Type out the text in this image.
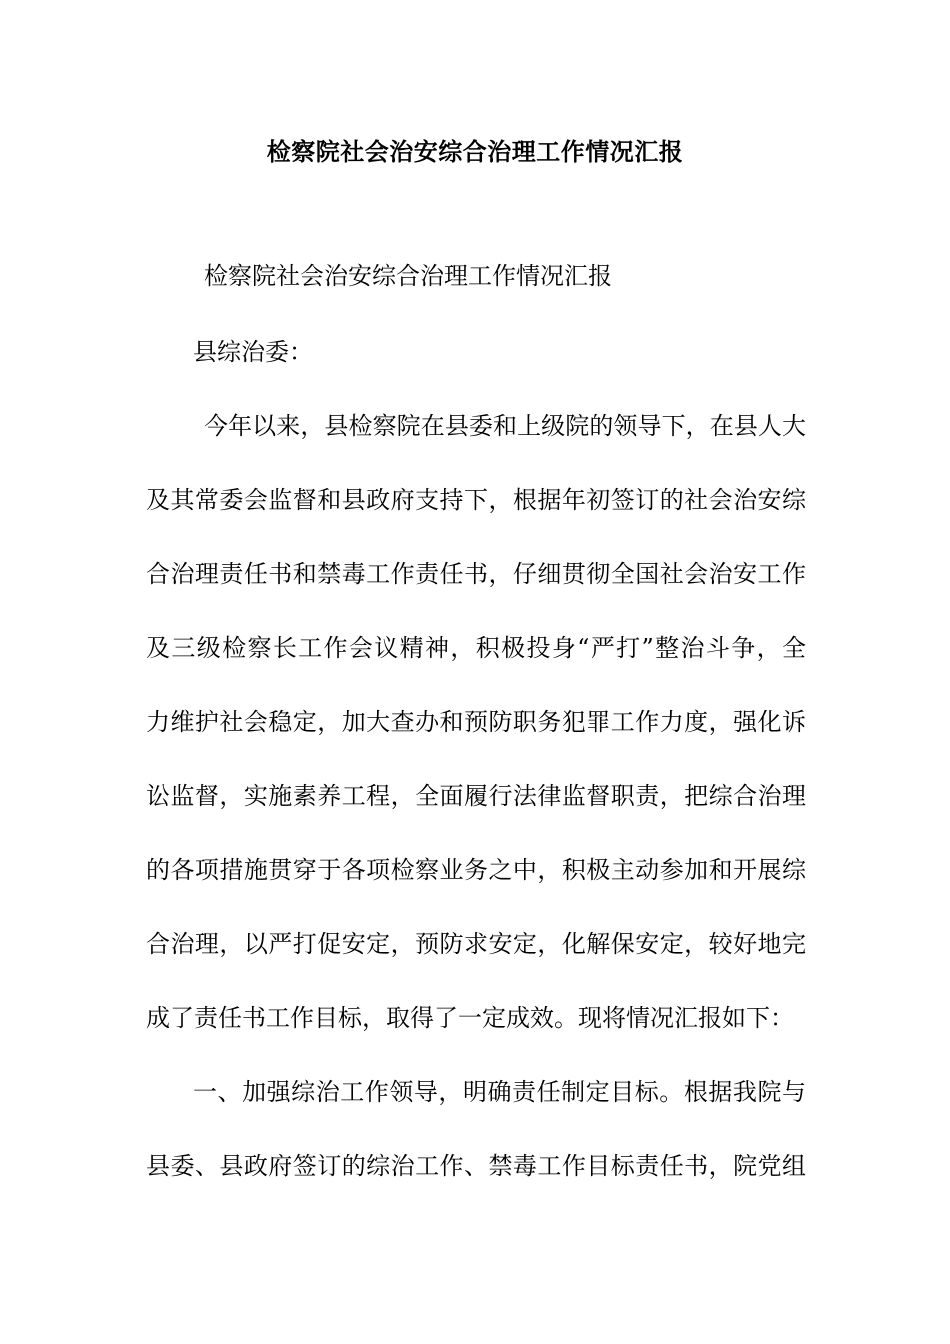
检察院社会治安综合治理工作情况汇报
检察院社会治安综合治理工作情况汇报
县综治委：
今年以来，县检察院在县委和上级院的领导下，在县人大
及其常委会监督和县政府支持下，根据年初签订的社会治安综
合治理责任书和禁毒工作责任书，仔细贯彻全国社会治安工作
及三级检察长工作会议精神，积极投身“严打”整治斗争，全
力维护社会稳定，加大查办和预防职务犯罪工作力度，强化诉
讼监督，实施素养工程，全面履行法律监督职责，把综合治理
的各项措施贯穿于各项检察业务之中，积极主动参加和开展综
合治理，以严打促安定，预防求安定，化解保安定，较好地完
成了责任书工作目标，取得了一定成效。现将情况汇报如下：
一、加强综治工作领导，明确责任制定目标。根据我院与
县委、县政府签订的综治工作、禁毒工作目标责任书，院党组
